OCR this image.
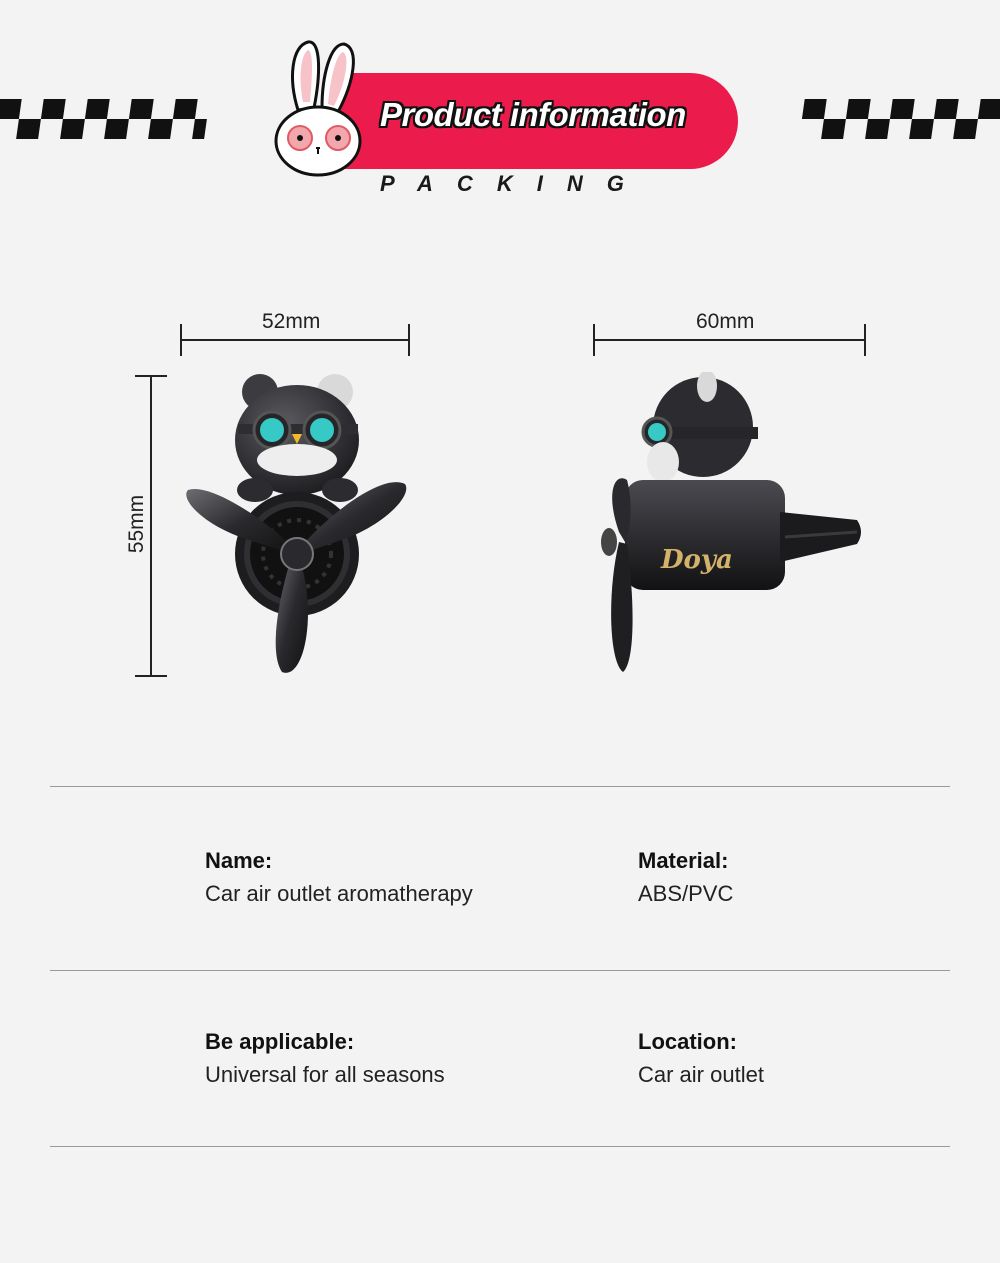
Product information
PACKING
52mm	60mm
55mm
Doya
Name:
Car air outlet aromatherapy
Material:
ABS/PVC
Be applicable:
Universal for all seasons
Location:
Car air outlet
